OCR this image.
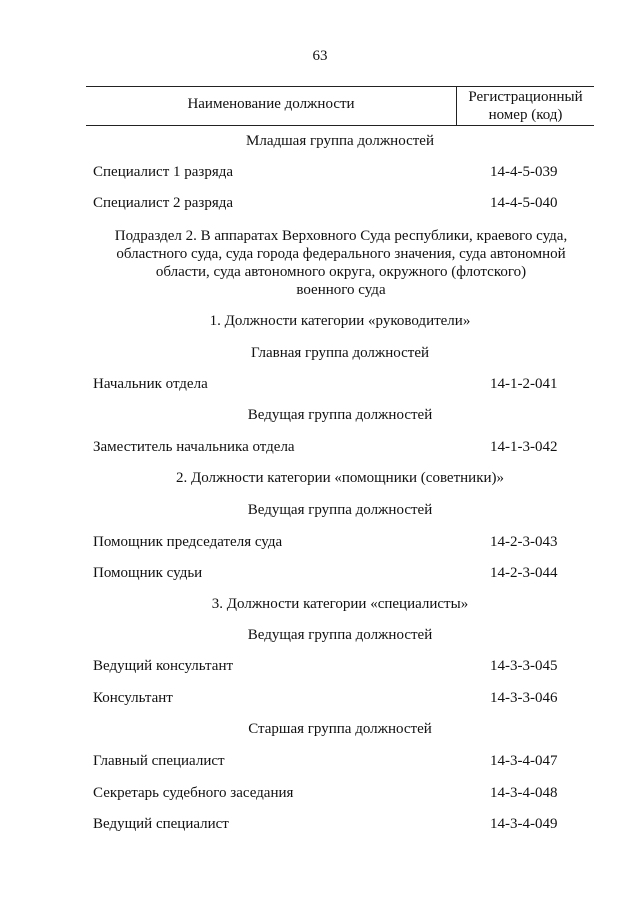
63
Наименование должности	Регистрационный
номер (код)
Младшая группа должностей
Специалист 1 разряда	14-4-5-039
Специалист 2 разряда	14-4-5-040
Подраздел 2. В аппаратах Верховного Суда республики, краевого суда,
областного суда, суда города федерального значения, суда автономной
области, суда автономного округа, окружного (флотского)
военного суда
1. Должности категории «руководители»
Главная группа должностей
Начальник отдела	14-1-2-041
Ведущая группа должностей
Заместитель начальника отдела	14-1-3-042
2. Должности категории «помощники (советники)»
Ведущая группа должностей
Помощник председателя суда	14-2-3-043
Помощник судьи	14-2-3-044
3. Должности категории «специалисты»
Ведущая группа должностей
Ведущий консультант	14-3-3-045
Консультант	14-3-3-046
Старшая группа должностей
Главный специалист	14-3-4-047
Секретарь судебного заседания	14-3-4-048
Ведущий специалист	14-3-4-049
